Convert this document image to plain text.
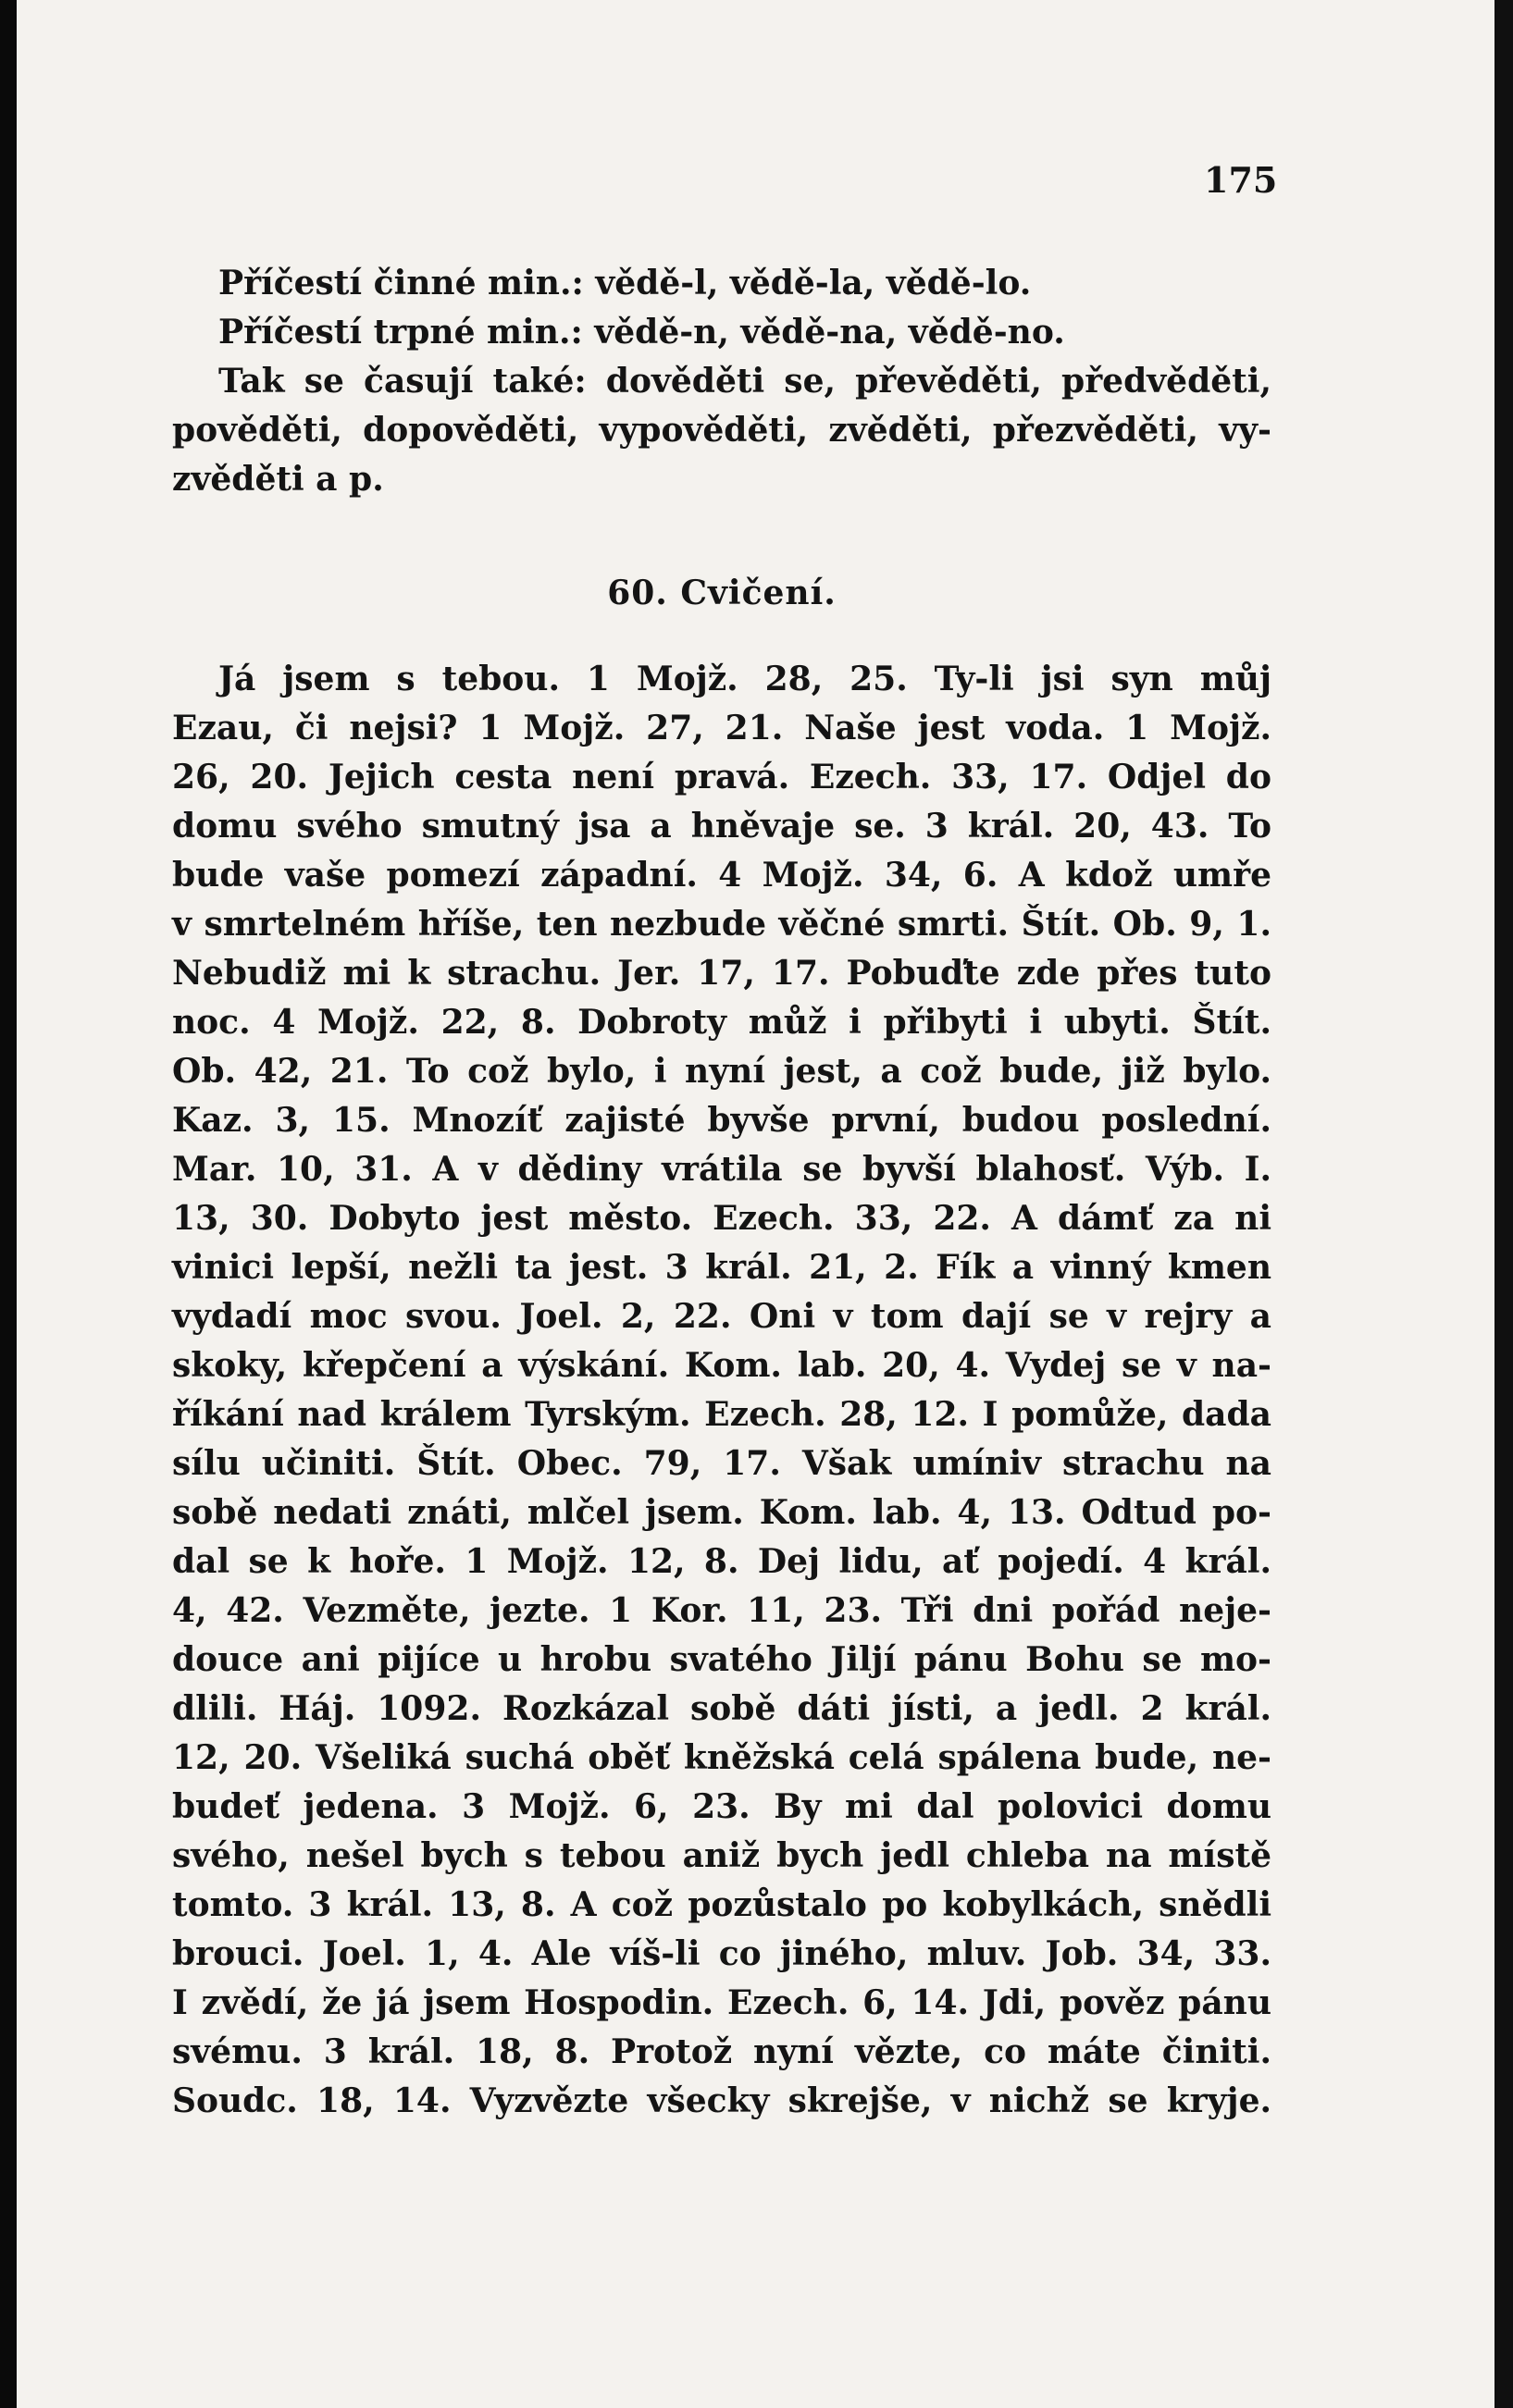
175
Příčestí činné min.: vědě-l, vědě-la, vědě-lo.
Příčestí trpné min.: vědě-n, vědě-na, vědě-no.
Tak se časují také: dověděti se, převěděti, předvěděti,
pověděti, dopověděti, vypověděti, zvěděti, přezvěděti, vy-
zvěděti a p.
60. Cvičení.
Já jsem s tebou. 1 Mojž. 28, 25. Ty-li jsi syn můj
Ezau, či nejsi? 1 Mojž. 27, 21. Naše jest voda. 1 Mojž.
26, 20. Jejich cesta není pravá. Ezech. 33, 17. Odjel do
domu svého smutný jsa a hněvaje se. 3 král. 20, 43. To
bude vaše pomezí západní. 4 Mojž. 34, 6. A kdož umře
v smrtelném hříše, ten nezbude věčné smrti. Štít. Ob. 9, 1.
Nebudiž mi k strachu. Jer. 17, 17. Pobuďte zde přes tuto
noc. 4 Mojž. 22, 8. Dobroty můž i přibyti i ubyti. Štít.
Ob. 42, 21. To což bylo, i nyní jest, a což bude, již bylo.
Kaz. 3, 15. Mnozíť zajisté byvše první, budou poslední.
Mar. 10, 31. A v dědiny vrátila se byvší blahosť. Výb. I.
13, 30. Dobyto jest město. Ezech. 33, 22. A dámť za ni
vinici lepší, nežli ta jest. 3 král. 21, 2. Fík a vinný kmen
vydadí moc svou. Joel. 2, 22. Oni v tom dají se v rejry a
skoky, křepčení a výskání. Kom. lab. 20, 4. Vydej se v na-
říkání nad králem Tyrským. Ezech. 28, 12. I pomůže, dada
sílu učiniti. Štít. Obec. 79, 17. Však umíniv strachu na
sobě nedati znáti, mlčel jsem. Kom. lab. 4, 13. Odtud po-
dal se k hoře. 1 Mojž. 12, 8. Dej lidu, ať pojedí. 4 král.
4, 42. Vezměte, jezte. 1 Kor. 11, 23. Tři dni pořád neje-
douce ani pijíce u hrobu svatého Jiljí pánu Bohu se mo-
dlili. Háj. 1092. Rozkázal sobě dáti jísti, a jedl. 2 král.
12, 20. Všeliká suchá oběť kněžská celá spálena bude, ne-
budeť jedena. 3 Mojž. 6, 23. By mi dal polovici domu
svého, nešel bych s tebou aniž bych jedl chleba na místě
tomto. 3 král. 13, 8. A což pozůstalo po kobylkách, snědli
brouci. Joel. 1, 4. Ale víš-li co jiného, mluv. Job. 34, 33.
I zvědí, že já jsem Hospodin. Ezech. 6, 14. Jdi, pověz pánu
svému. 3 král. 18, 8. Protož nyní vězte, co máte činiti.
Soudc. 18, 14. Vyzvězte všecky skrejše, v nichž se kryje.
